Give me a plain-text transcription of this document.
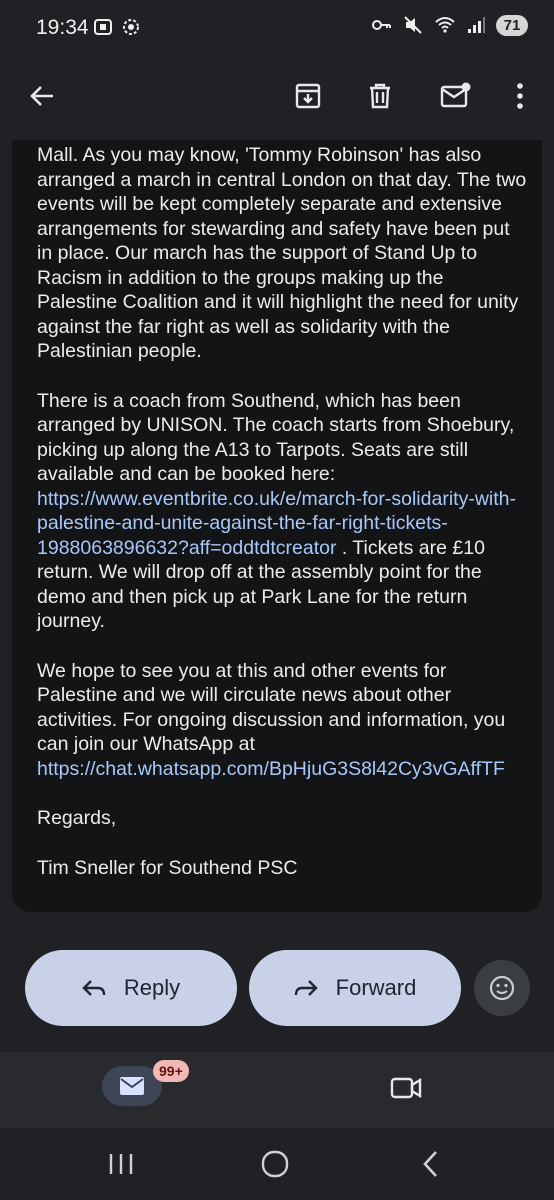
19:34	71

Mall. As you may know, 'Tommy Robinson' has also arranged a march in central London on that day. The two events will be kept completely separate and extensive arrangements for stewarding and safety have been put in place. Our march has the support of Stand Up to Racism in addition to the groups making up the Palestine Coalition and it will highlight the need for unity against the far right as well as solidarity with the Palestinian people.

There is a coach from Southend, which has been arranged by UNISON. The coach starts from Shoebury, picking up along the A13 to Tarpots. Seats are still available and can be booked here: https://www.eventbrite.co.uk/e/march-for-solidarity-with-palestine-and-unite-against-the-far-right-tickets-1988063896632?aff=oddtdtcreator . Tickets are £10 return. We will drop off at the assembly point for the demo and then pick up at Park Lane for the return journey.

We hope to see you at this and other events for Palestine and we will circulate news about other activities. For ongoing discussion and information, you can join our WhatsApp at https://chat.whatsapp.com/BpHjuG3S8l42Cy3vGAffTF

Regards,

Tim Sneller for Southend PSC

Reply	Forward
99+
